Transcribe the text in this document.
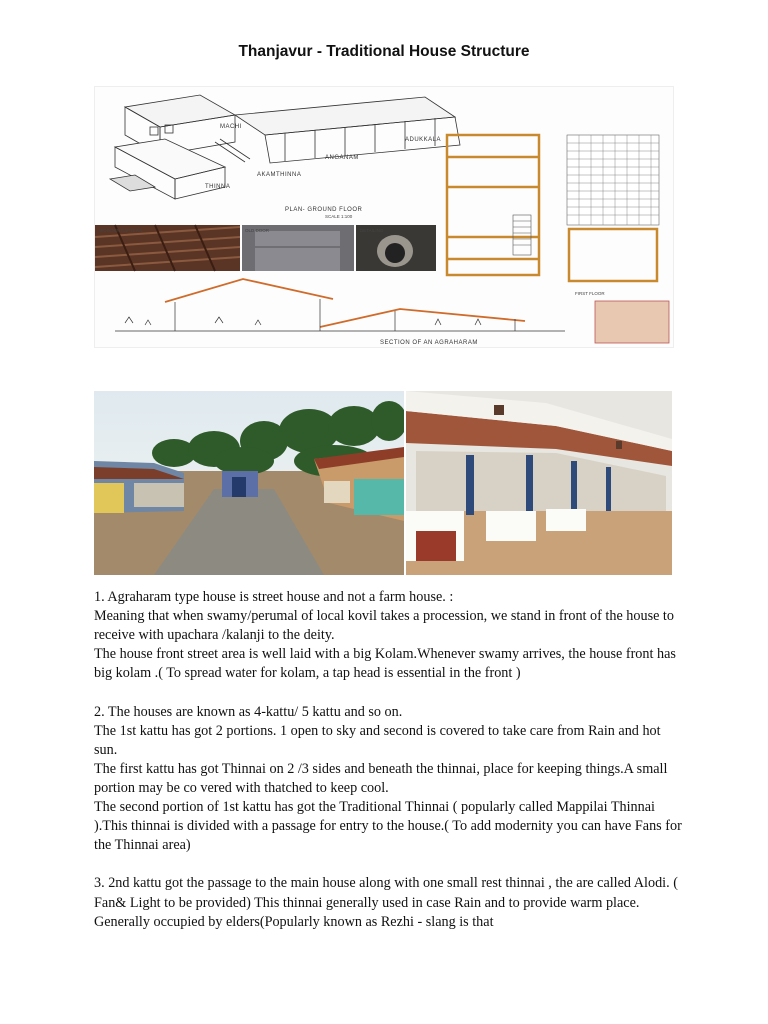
Thanjavur - Traditional House Structure
MACHI
ADUKKALA
ANGANAM
AKAMTHINNA
THINNA
PLAN- GROUND FLOOR
SCALE 1:100
WOODEN RAFTERS	OLD DOOR	DETAILING
FIRST FLOOR
SECTION OF AN AGRAHARAM

1. Agraharam type house is street house and not a farm house. :

Meaning that when swamy/perumal of local kovil takes a procession, we stand in front of the house to receive with upachara /kalanji to the deity.

The house front street area is well laid with a big Kolam.Whenever swamy arrives, the house front has big kolam .( To spread water for kolam, a tap head is essential in the front )

2. The houses are known as 4-kattu/ 5 kattu and so on.

The 1st kattu has got 2 portions. 1 open to sky and second is covered to take care from Rain and hot sun.

The first kattu has got Thinnai on 2 /3 sides and beneath the thinnai, place for keeping things.A small portion may be co vered with thatched to keep cool.

The second portion of 1st kattu has got the Traditional Thinnai ( popularly called Mappilai Thinnai ).This thinnai is divided with a passage for entry to the house.( To add modernity you can have Fans for the Thinnai area)

3. 2nd kattu got the passage to the main house along with one small rest thinnai , the are called Alodi. ( Fan& Light to be provided) This thinnai generally used in case Rain and to provide warm place. Generally occupied by elders(Popularly known as Rezhi - slang is that
